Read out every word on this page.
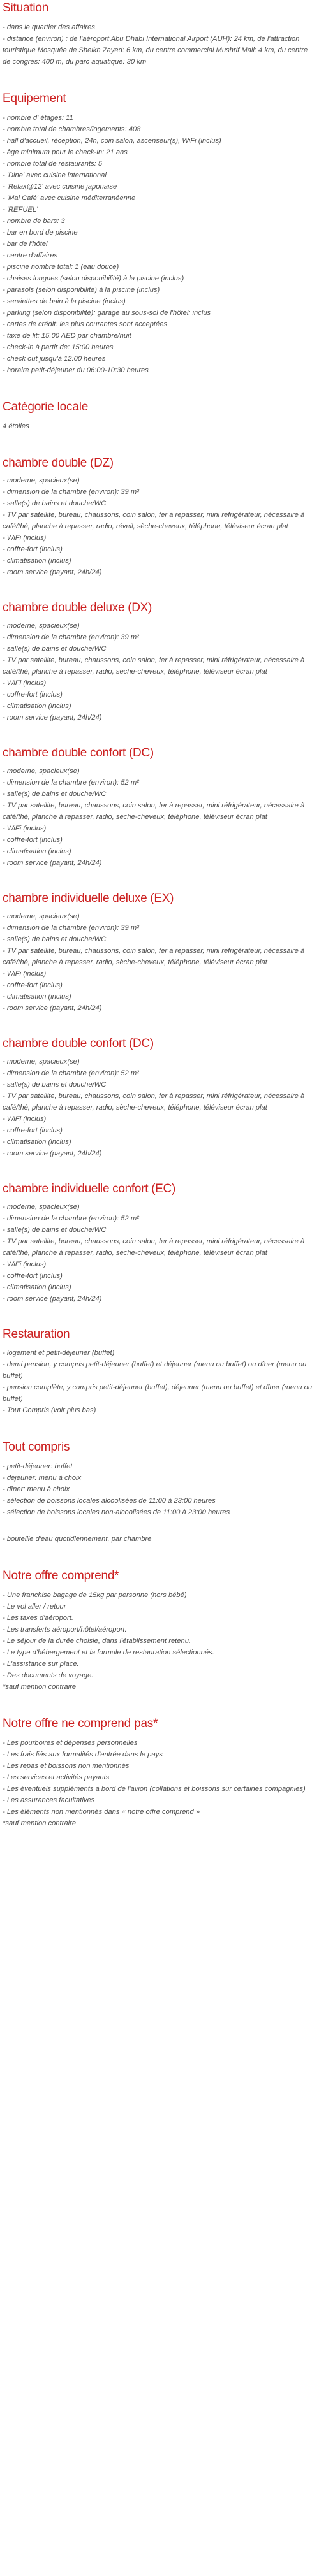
Situation

- dans le quartier des affaires

- distance (environ) : de l'aéroport Abu Dhabi International Airport (AUH): 24 km, de l'attraction touristique Mosquée de Sheikh Zayed: 6 km, du centre commercial Mushrif Mall: 4 km, du centre de congrès: 400 m, du parc aquatique: 30 km

Equipement

- nombre d' étages: 11

- nombre total de chambres/logements: 408

- hall d'accueil, réception, 24h, coin salon, ascenseur(s), WiFi (inclus)

- âge minimum pour le check-in: 21 ans

- nombre total de restaurants: 5

- 'Dine' avec cuisine international

- 'Relax@12' avec cuisine japonaise

- 'Mal Café' avec cuisine méditerranéenne

- 'REFUEL'

- nombre de bars: 3

- bar en bord de piscine

- bar de l'hôtel

- centre d'affaires

- piscine nombre total: 1 (eau douce)

- chaises longues (selon disponibilité) à la piscine (inclus)

- parasols (selon disponibilité) à la piscine (inclus)

- serviettes de bain à la piscine (inclus)

- parking (selon disponibilité): garage au sous-sol de l'hôtel: inclus

- cartes de crédit: les plus courantes sont acceptées

- taxe de lit: 15.00 AED par chambre/nuit

- check-in à partir de: 15:00 heures

- check out jusqu'à 12:00 heures

- horaire petit-déjeuner du 06:00-10:30 heures

Catégorie locale

4 étoiles

chambre double (DZ)

- moderne, spacieux(se)

- dimension de la chambre (environ): 39 m²

- salle(s) de bains et douche/WC

- TV par satellite, bureau, chaussons, coin salon, fer à repasser, mini réfrigérateur, nécessaire à café/thé, planche à repasser, radio, réveil, sèche-cheveux, téléphone, téléviseur écran plat

- WiFi (inclus)

- coffre-fort (inclus)

- climatisation (inclus)

- room service (payant, 24h/24)

chambre double deluxe (DX)

- moderne, spacieux(se)

- dimension de la chambre (environ): 39 m²

- salle(s) de bains et douche/WC

- TV par satellite, bureau, chaussons, coin salon, fer à repasser, mini réfrigérateur, nécessaire à café/thé, planche à repasser, radio, sèche-cheveux, téléphone, téléviseur écran plat

- WiFi (inclus)

- coffre-fort (inclus)

- climatisation (inclus)

- room service (payant, 24h/24)

chambre double confort (DC)

- moderne, spacieux(se)

- dimension de la chambre (environ): 52 m²

- salle(s) de bains et douche/WC

- TV par satellite, bureau, chaussons, coin salon, fer à repasser, mini réfrigérateur, nécessaire à café/thé, planche à repasser, radio, sèche-cheveux, téléphone, téléviseur écran plat

- WiFi (inclus)

- coffre-fort (inclus)

- climatisation (inclus)

- room service (payant, 24h/24)

chambre individuelle deluxe (EX)

- moderne, spacieux(se)

- dimension de la chambre (environ): 39 m²

- salle(s) de bains et douche/WC

- TV par satellite, bureau, chaussons, coin salon, fer à repasser, mini réfrigérateur, nécessaire à café/thé, planche à repasser, radio, sèche-cheveux, téléphone, téléviseur écran plat

- WiFi (inclus)

- coffre-fort (inclus)

- climatisation (inclus)

- room service (payant, 24h/24)

chambre double confort (DC)

- moderne, spacieux(se)

- dimension de la chambre (environ): 52 m²

- salle(s) de bains et douche/WC

- TV par satellite, bureau, chaussons, coin salon, fer à repasser, mini réfrigérateur, nécessaire à café/thé, planche à repasser, radio, sèche-cheveux, téléphone, téléviseur écran plat

- WiFi (inclus)

- coffre-fort (inclus)

- climatisation (inclus)

- room service (payant, 24h/24)

chambre individuelle confort (EC)

- moderne, spacieux(se)

- dimension de la chambre (environ): 52 m²

- salle(s) de bains et douche/WC

- TV par satellite, bureau, chaussons, coin salon, fer à repasser, mini réfrigérateur, nécessaire à café/thé, planche à repasser, radio, sèche-cheveux, téléphone, téléviseur écran plat

- WiFi (inclus)

- coffre-fort (inclus)

- climatisation (inclus)

- room service (payant, 24h/24)

Restauration

- logement et petit-déjeuner (buffet)

- demi pension, y compris petit-déjeuner (buffet) et déjeuner (menu ou buffet) ou dîner (menu ou buffet)

- pension complète, y compris petit-déjeuner (buffet), déjeuner (menu ou buffet) et dîner (menu ou buffet)

- Tout Compris (voir plus bas)

Tout compris

- petit-déjeuner: buffet

- déjeuner: menu à choix

- dîner: menu à choix

- sélection de boissons locales alcoolisées de 11:00 à 23:00 heures

- sélection de boissons locales non-alcoolisées de 11:00 à 23:00 heures

- bouteille d'eau quotidiennement, par chambre

Notre offre comprend*

- Une franchise bagage de 15kg par personne (hors bébé)

- Le vol aller / retour

- Les taxes d'aéroport.

- Les transferts aéroport/hôtel/aéroport.

- Le séjour de la durée choisie, dans l'établissement retenu.

- Le type d'hébergement et la formule de restauration sélectionnés.

- L'assistance sur place.

- Des documents de voyage.

*sauf mention contraire

Notre offre ne comprend pas*

- Les pourboires et dépenses personnelles

- Les frais liés aux formalités d'entrée dans le pays

- Les repas et boissons non mentionnés

- Les services et activités payants

- Les éventuels suppléments à bord de l'avion (collations et boissons sur certaines compagnies)

- Les assurances facultatives

- Les éléments non mentionnés dans « notre offre comprend »

*sauf mention contraire
